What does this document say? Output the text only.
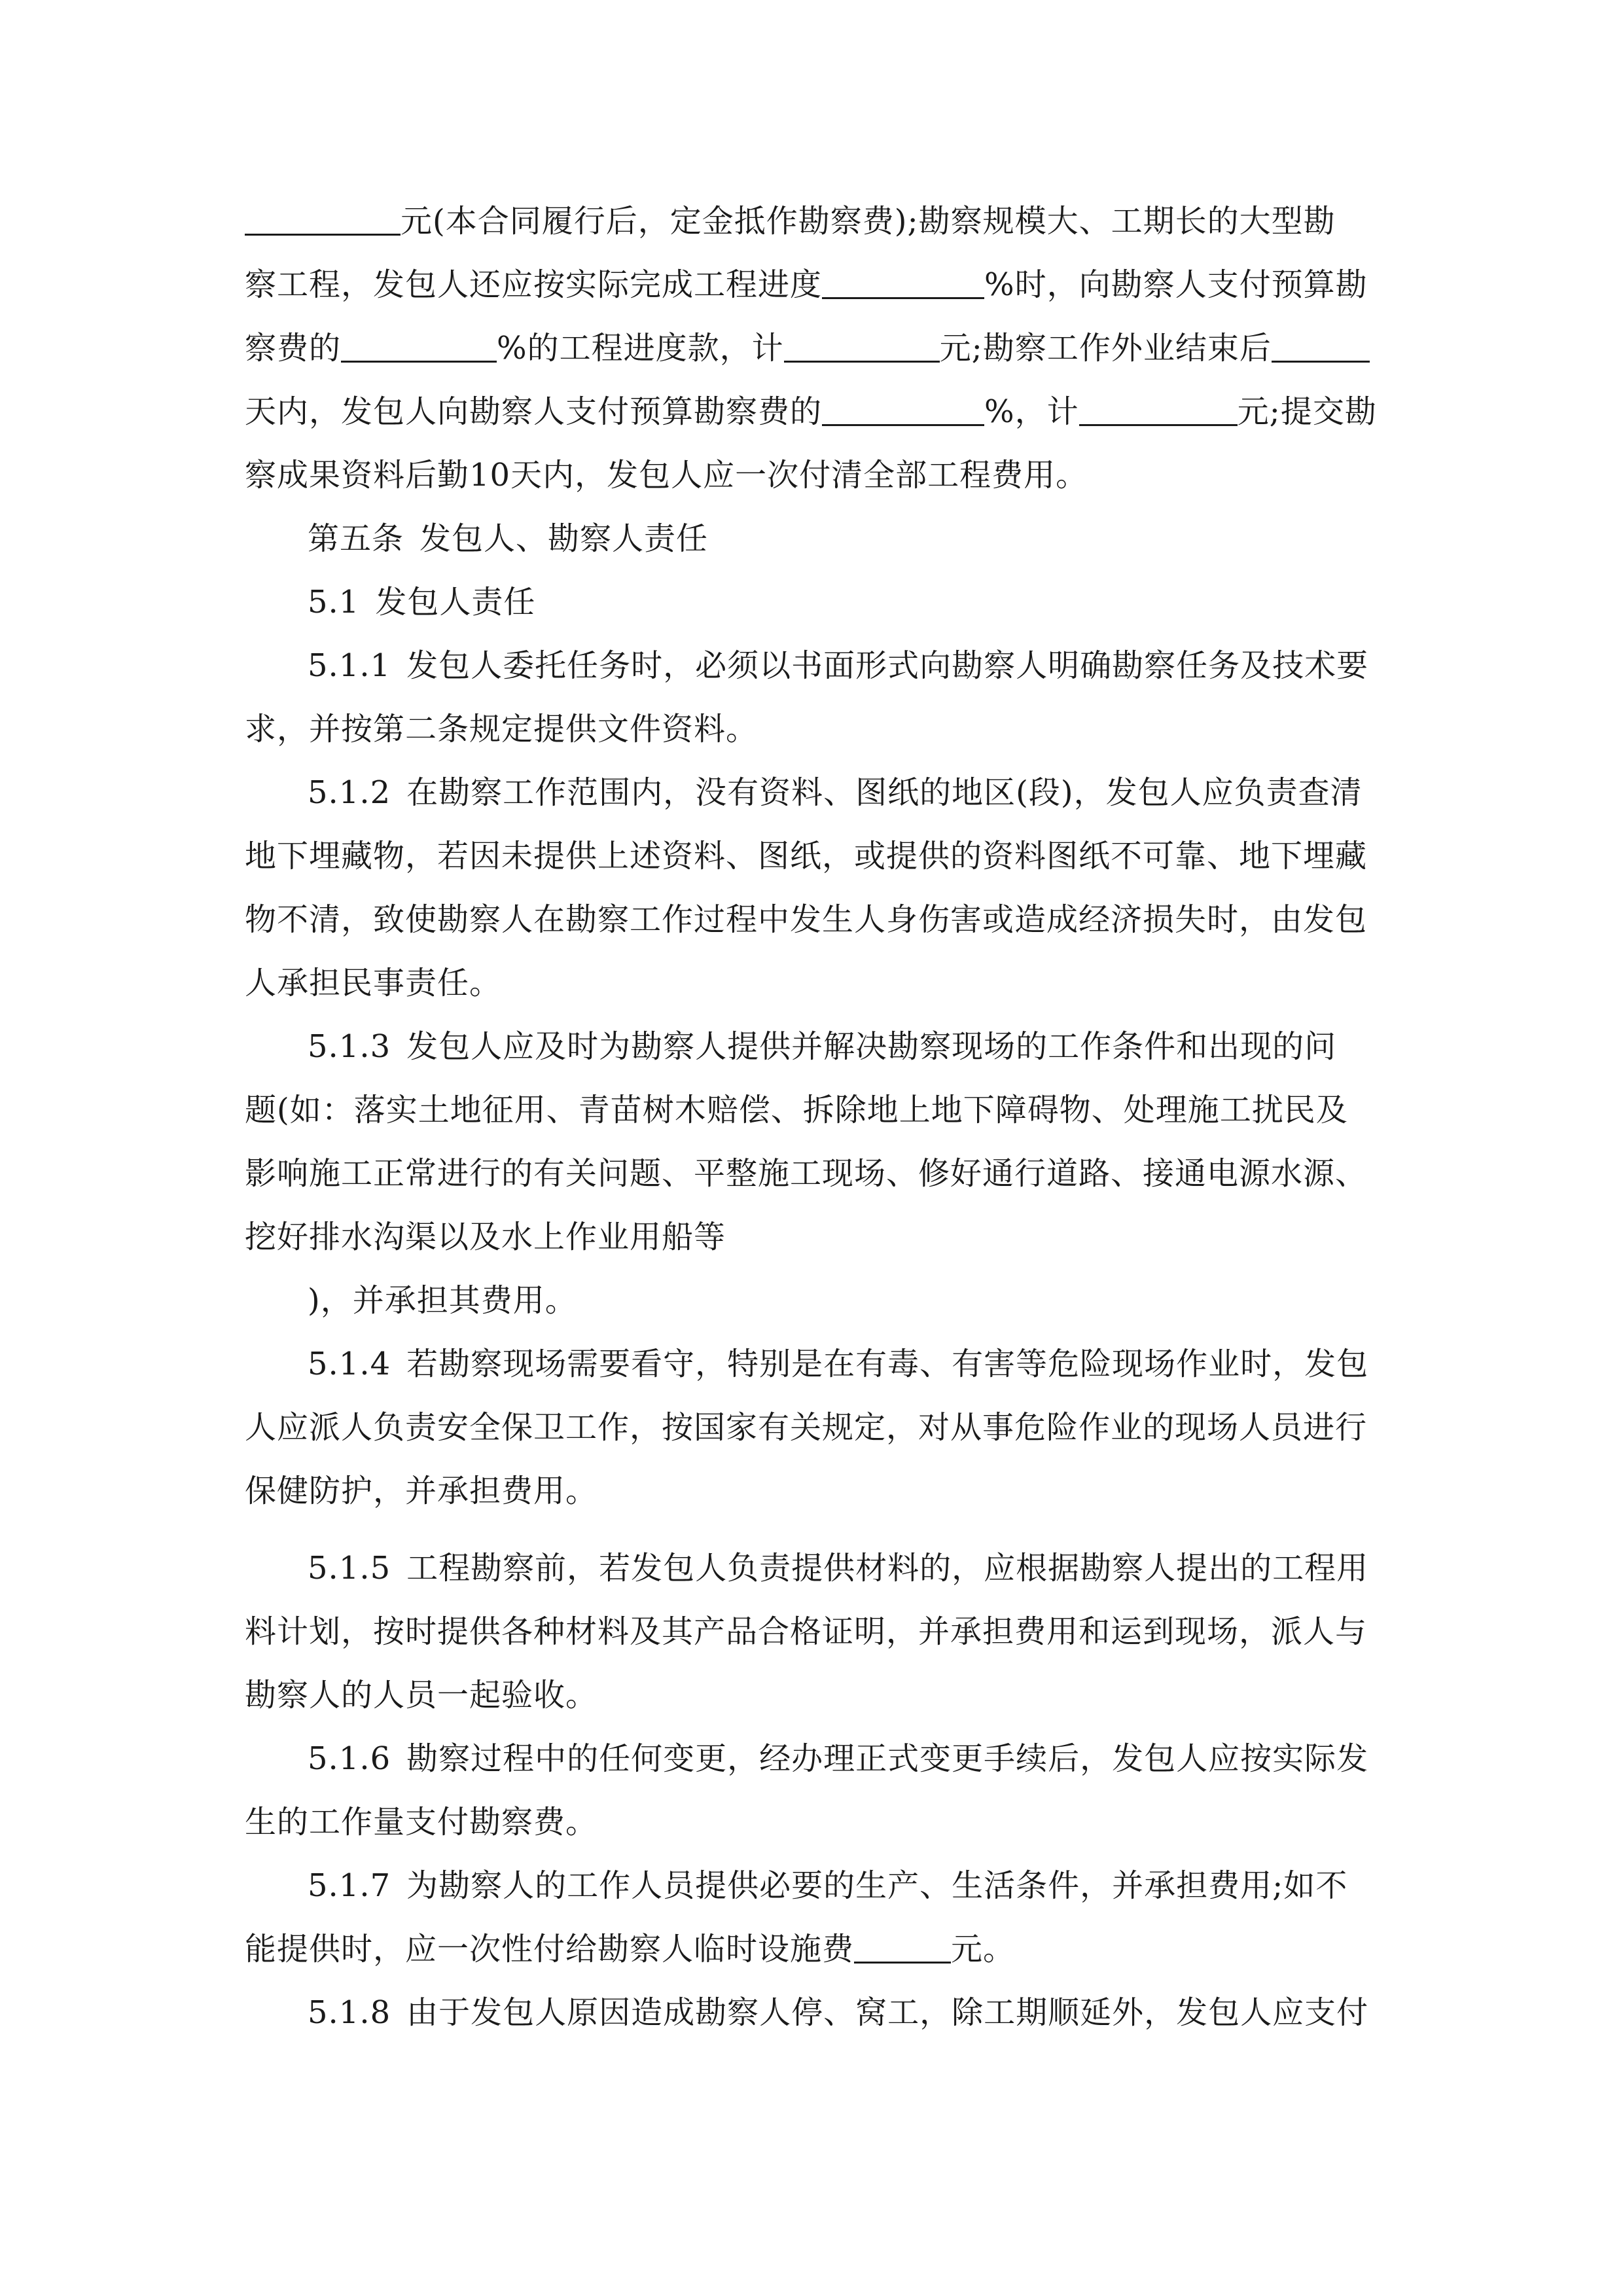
元(本合同履行后，定金抵作勘察费);勘察规模大、工期长的大型勘
察工程，发包人还应按实际完成工程进度	%时，向勘察人支付预算勘
察费的	%的工程进度款，计	元;勘察工作外业结束后
天内，发包人向勘察人支付预算勘察费的	%，计	元;提交勘
察成果资料后勤10天内，发包人应一次付清全部工程费用。
第五条 发包人、勘察人责任
5.1 发包人责任
5.1.1 发包人委托任务时，必须以书面形式向勘察人明确勘察任务及技术要
求，并按第二条规定提供文件资料。
5.1.2 在勘察工作范围内，没有资料、图纸的地区(段)，发包人应负责查清
地下埋藏物，若因未提供上述资料、图纸，或提供的资料图纸不可靠、地下埋藏
物不清，致使勘察人在勘察工作过程中发生人身伤害或造成经济损失时，由发包
人承担民事责任。
5.1.3 发包人应及时为勘察人提供并解决勘察现场的工作条件和出现的问
题(如：落实土地征用、青苗树木赔偿、拆除地上地下障碍物、处理施工扰民及
影响施工正常进行的有关问题、平整施工现场、修好通行道路、接通电源水源、
挖好排水沟渠以及水上作业用船等
)，并承担其费用。
5.1.4 若勘察现场需要看守，特别是在有毒、有害等危险现场作业时，发包
人应派人负责安全保卫工作，按国家有关规定，对从事危险作业的现场人员进行
保健防护，并承担费用。
5.1.5 工程勘察前，若发包人负责提供材料的，应根据勘察人提出的工程用
料计划，按时提供各种材料及其产品合格证明，并承担费用和运到现场，派人与
勘察人的人员一起验收。
5.1.6 勘察过程中的任何变更，经办理正式变更手续后，发包人应按实际发
生的工作量支付勘察费。
5.1.7 为勘察人的工作人员提供必要的生产、生活条件，并承担费用;如不
能提供时，应一次性付给勘察人临时设施费	元。
5.1.8 由于发包人原因造成勘察人停、窝工，除工期顺延外，发包人应支付
